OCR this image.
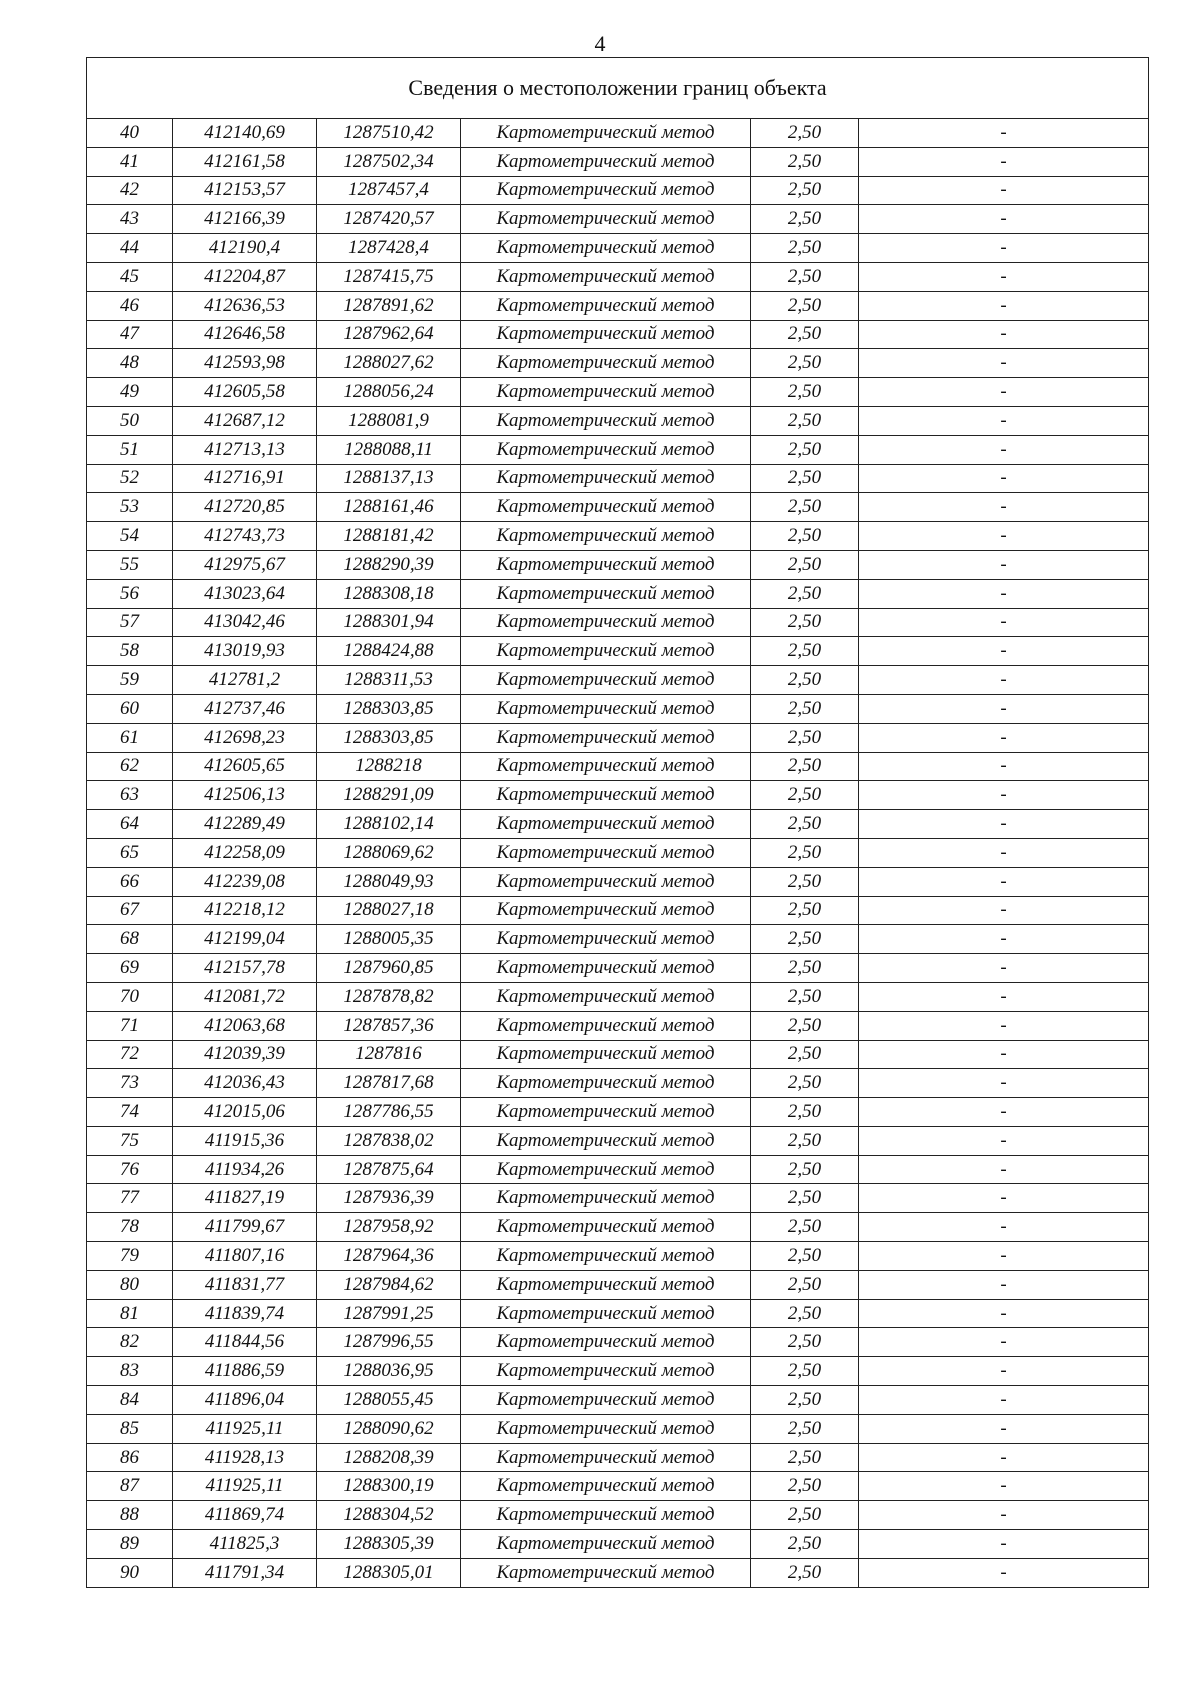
4
Сведения о местоположении границ объекта					
40	412140,69	1287510,42	Картометрический метод	2,50	-
41	412161,58	1287502,34	Картометрический метод	2,50	-
42	412153,57	1287457,4	Картометрический метод	2,50	-
43	412166,39	1287420,57	Картометрический метод	2,50	-
44	412190,4	1287428,4	Картометрический метод	2,50	-
45	412204,87	1287415,75	Картометрический метод	2,50	-
46	412636,53	1287891,62	Картометрический метод	2,50	-
47	412646,58	1287962,64	Картометрический метод	2,50	-
48	412593,98	1288027,62	Картометрический метод	2,50	-
49	412605,58	1288056,24	Картометрический метод	2,50	-
50	412687,12	1288081,9	Картометрический метод	2,50	-
51	412713,13	1288088,11	Картометрический метод	2,50	-
52	412716,91	1288137,13	Картометрический метод	2,50	-
53	412720,85	1288161,46	Картометрический метод	2,50	-
54	412743,73	1288181,42	Картометрический метод	2,50	-
55	412975,67	1288290,39	Картометрический метод	2,50	-
56	413023,64	1288308,18	Картометрический метод	2,50	-
57	413042,46	1288301,94	Картометрический метод	2,50	-
58	413019,93	1288424,88	Картометрический метод	2,50	-
59	412781,2	1288311,53	Картометрический метод	2,50	-
60	412737,46	1288303,85	Картометрический метод	2,50	-
61	412698,23	1288303,85	Картометрический метод	2,50	-
62	412605,65	1288218	Картометрический метод	2,50	-
63	412506,13	1288291,09	Картометрический метод	2,50	-
64	412289,49	1288102,14	Картометрический метод	2,50	-
65	412258,09	1288069,62	Картометрический метод	2,50	-
66	412239,08	1288049,93	Картометрический метод	2,50	-
67	412218,12	1288027,18	Картометрический метод	2,50	-
68	412199,04	1288005,35	Картометрический метод	2,50	-
69	412157,78	1287960,85	Картометрический метод	2,50	-
70	412081,72	1287878,82	Картометрический метод	2,50	-
71	412063,68	1287857,36	Картометрический метод	2,50	-
72	412039,39	1287816	Картометрический метод	2,50	-
73	412036,43	1287817,68	Картометрический метод	2,50	-
74	412015,06	1287786,55	Картометрический метод	2,50	-
75	411915,36	1287838,02	Картометрический метод	2,50	-
76	411934,26	1287875,64	Картометрический метод	2,50	-
77	411827,19	1287936,39	Картометрический метод	2,50	-
78	411799,67	1287958,92	Картометрический метод	2,50	-
79	411807,16	1287964,36	Картометрический метод	2,50	-
80	411831,77	1287984,62	Картометрический метод	2,50	-
81	411839,74	1287991,25	Картометрический метод	2,50	-
82	411844,56	1287996,55	Картометрический метод	2,50	-
83	411886,59	1288036,95	Картометрический метод	2,50	-
84	411896,04	1288055,45	Картометрический метод	2,50	-
85	411925,11	1288090,62	Картометрический метод	2,50	-
86	411928,13	1288208,39	Картометрический метод	2,50	-
87	411925,11	1288300,19	Картометрический метод	2,50	-
88	411869,74	1288304,52	Картометрический метод	2,50	-
89	411825,3	1288305,39	Картометрический метод	2,50	-
90	411791,34	1288305,01	Картометрический метод	2,50	-
